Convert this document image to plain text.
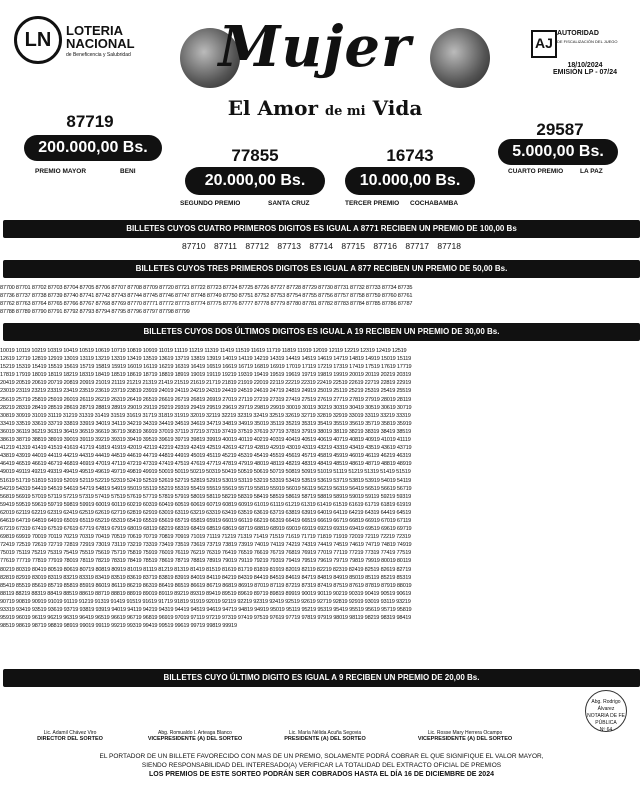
LN	LOTERIA
NACIONAL
de Beneficencia y Salubridad Mujer
El Amor de mi Vida
AJ
AUTORIDAD
DE FISCALIZACIÓN DEL JUEGO
18/10/2024
EMISIÓN LP - 07/24
87719
200.000,00 Bs.
PREMIO MAYOR	BENI
77855
20.000,00 Bs.
SEGUNDO PREMIO	SANTA CRUZ
16743
10.000,00 Bs.
TERCER PREMIO COCHABAMBA
29587
5.000,00 Bs.
CUARTO PREMIO	LA PAZ
BILLETES CUYOS CUATRO PRIMEROS DIGITOS ES IGUAL A 8771 RECIBEN UN PREMIO DE 100,00 Bs
87710 87711 87712 87713 87714 87715 87716 87717 87718
BILLETES CUYOS TRES PRIMEROS DIGITOS ES IGUAL A 877 RECIBEN UN PREMIO DE 50,00 Bs.
87700 87701 87702 87703 87704 87705 87706 87707 87708 87709 87720 87721 87722 87723 87724 87725 87726 87727 87728 87729 87730 87731 87732 87733 87734 87735
87736 87737 87738 87739 87740 87741 87742 87743 87744 87745 87746 87747 87748 87749 87750 87751 87752 87753 87754 87755 87756 87757 87758 87759 87760 87761
87762 87763 87764 87765 87766 87767 87768 87769 87770 87771 87772 87773 87774 87775 87776 87777 87778 87779 87780 87781 87782 87783 87784 87785 87786 87787
87788 87789 87790 87791 87792 87793 87794 87795 87796 87797 87798 87799
BILLETES CUYOS DOS ÚLTIMOS DIGITOS ES IGUAL A 19 RECIBEN UN PREMIO DE 30,00 Bs.
10019 10119 10219 10319 10419 10519 10619 10719 10819 10919 11019 11119 11219 11319 11419 11519 11619 11719 11819 11919 12019 12119 12219 12319 12419 12519
12619 12719 12819 12919 13019 13119 13219 13319 13419 13519 13619 13719 13819 13919 14019 14119 14219 14319 14419 14519 14619 14719 14819 14919 15019 15119
15219 15319 15419 15519 15619 15719 15819 15919 16019 16119 16219 16319 16419 16519 16619 16719 16819 16919 17019 17119 17219 17319 17419 17519 17619 17719
17819 17919 18019 18119 18219 18319 18419 18519 18619 18719 18819 18919 19019 19119 19219 19319 19419 19519 19619 19719 19819 19919 20019 20119 20219 20319
20419 20519 20619 20719 20819 20919 21019 21119 21219 21319 21419 21519 21619 21719 21819 21919 22019 22119 22219 22319 22419 22519 22619 22719 22819 22919
23019 23119 23219 23319 23419 23519 23619 23719 23819 23919 24019 24119 24219 24319 24419 24519 24619 24719 24819 24919 25019 25119 25219 25319 25419 25519
25619 25719 25819 25919 26019 26119 26219 26319 26419 26519 26619 26719 26819 26919 27019 27119 27219 27319 27419 27519 27619 27719 27819 27919 28019 28119
28219 28319 28419 28519 28619 28719 28819 28919 29019 29119 29219 29319 29419 29519 29619 29719 29819 29919 30019 30119 30219 30319 30419 30519 30619 30719
30819 30919 31019 31119 31219 31319 31419 31519 31619 31719 31819 31919 32019 32119 32219 32319 32419 32519 32619 32719 32819 32919 33019 33119 33219 33319
33419 33519 33619 33719 33819 33919 34019 34119 34219 34319 34419 34519 34619 34719 34819 34919 35019 35119 35219 35319 35419 35519 35619 35719 35819 35919
36019 36119 36219 36319 36419 36519 36619 36719 36819 36919 37019 37119 37219 37319 37419 37519 37619 37719 37819 37919 38019 38119 38219 38319 38419 38519
38619 38719 38819 38919 39019 39119 39219 39319 39419 39519 39619 39719 39819 39919 40019 40119 40219 40319 40419 40519 40619 40719 40819 40919 41019 41119
41219 41319 41419 41519 41619 41719 41819 41919 42019 42119 42219 42319 42419 42519 42619 42719 42819 42919 43019 43119 43219 43319 43419 43519 43619 43719
43819 43919 44019 44119 44219 44319 44419 44519 44619 44719 44819 44919 45019 45119 45219 45319 45419 45519 45619 45719 45819 45919 46019 46119 46219 46319
46419 46519 46619 46719 46819 46919 47019 47119 47219 47319 47419 47519 47619 47719 47819 47919 48019 48119 48219 48319 48419 48519 48619 48719 48819 48919
49019 49119 49219 49319 49419 49519 49619 49719 49819 49919 50019 50119 50219 50319 50419 50519 50619 50719 50819 50919 51019 51119 51219 51319 51419 51519
51619 51719 51819 51919 52019 52119 52219 52319 52419 52519 52619 52719 52819 52919 53019 53119 53219 53319 53419 53519 53619 53719 53819 53919 54019 54119
54219 54319 54419 54519 54619 54719 54819 54919 55019 55119 55219 55319 55419 55519 55619 55719 55819 55919 56019 56119 56219 56319 56419 56519 56619 56719
56819 56919 57019 57119 57219 57319 57419 57519 57619 57719 57819 57919 58019 58119 58219 58319 58419 58519 58619 58719 58819 58919 59019 59119 59219 59319
59419 59519 59619 59719 59819 59919 60019 60119 60219 60319 60419 60519 60619 60719 60819 60919 61019 61119 61219 61319 61419 61519 61619 61719 61819 61919
62019 62119 62219 62319 62419 62519 62619 62719 62819 62919 63019 63119 63219 63319 63419 63519 63619 63719 63819 63919 64019 64119 64219 64319 64419 64519
64619 64719 64819 64919 65019 65119 65219 65319 65419 65519 65619 65719 65819 65919 66019 66119 66219 66319 66419 66519 66619 66719 66819 66919 67019 67119
67219 67319 67419 67519 67619 67719 67819 67919 68019 68119 68219 68319 68419 68519 68619 68719 68819 68919 69019 69119 69219 69319 69419 69519 69619 69719
69819 69919 70019 70119 70219 70319 70419 70519 70619 70719 70819 70919 71019 71119 71219 71319 71419 71519 71619 71719 71819 71919 72019 72119 72219 72319
72419 72519 72619 72719 72819 72919 73019 73119 73219 73319 73419 73519 73619 73719 73819 73919 74019 74119 74219 74319 74419 74519 74619 74719 74819 74919
75019 75119 75219 75319 75419 75519 75619 75719 75819 75919 76019 76119 76219 76319 76419 76519 76619 76719 76819 76919 77019 77119 77219 77319 77419 77519
77619 77719 77819 77919 78019 78119 78219 78319 78419 78519 78619 78719 78819 78919 79019 79119 79219 79319 79419 79519 79619 79719 79819 79919 80019 80119
80219 80319 80419 80519 80619 80719 80819 80919 81019 81119 81219 81319 81419 81519 81619 81719 81819 81919 82019 82119 82219 82319 82419 82519 82619 82719
82819 82919 83019 83119 83219 83319 83419 83519 83619 83719 83819 83919 84019 84119 84219 84319 84419 84519 84619 84719 84819 84919 85019 85119 85219 85319
85419 85519 85619 85719 85819 85919 86019 86119 86219 86319 86419 86519 86619 86719 86819 86919 87019 87119 87219 87319 87419 87519 87619 87819 87919 88019
88119 88219 88319 88419 88519 88619 88719 88819 88919 89019 89119 89219 89319 89419 89519 89619 89719 89819 89919 90019 90119 90219 90319 90419 90519 90619
90719 90819 90919 91019 91119 91219 91319 91419 91519 91619 91719 91819 91919 92019 92119 92219 92319 92419 92519 92619 92719 92819 92919 93019 93119 93219
93319 93419 93519 93619 93719 93819 93919 94019 94119 94219 94319 94419 94519 94619 94719 94819 94919 95019 95119 95219 95319 95419 95519 95619 95719 95819
95919 96019 96119 96219 96319 96419 96519 96619 96719 96819 96919 97019 97119 97219 97319 97419 97519 97619 97719 97819 97919 98019 98119 98219 98319 98419
98519 98619 98719 98819 98919 99019 99119 99219 99319 99419 99519 99619 99719 99819 99919
BILLETES CUYO ÚLTIMO DIGITO ES IGUAL A 9 RECIBEN UN PREMIO DE 20,00 Bs.
Lic. Adamil Chávez Viro
DIRECTOR DEL SORTEO
Abg. Romualdo I. Arteaga Blanco
VICEPRESIDENTE (A) DEL SORTEO
Lic. María Nélida Acuña Segovia
PRESIDENTE (A) DEL SORTEO
Lic. Rosse Mary Herrera Ocampo
VICEPRESIDENTE (A) DEL SORTEO
Abg. Rodrigo Álvarez
NOTARIA DE FE PÚBLICA
Nº 64
EL PORTADOR DE UN BILLETE FAVORECIDO CON MAS DE UN PREMIO, SOLAMENTE PODRÁ COBRAR EL QUE SIGNIFIQUE EL VALOR MAYOR,
SIENDO RESPONSABILIDAD DEL INTERESADO(A) VERIFICAR LA TOTALIDAD DEL EXTRACTO OFICIAL DE PREMIOS
LOS PREMIOS DE ESTE SORTEO PODRÁN SER COBRADOS HASTA EL DÍA 16 DE DICIEMBRE DE 2024
